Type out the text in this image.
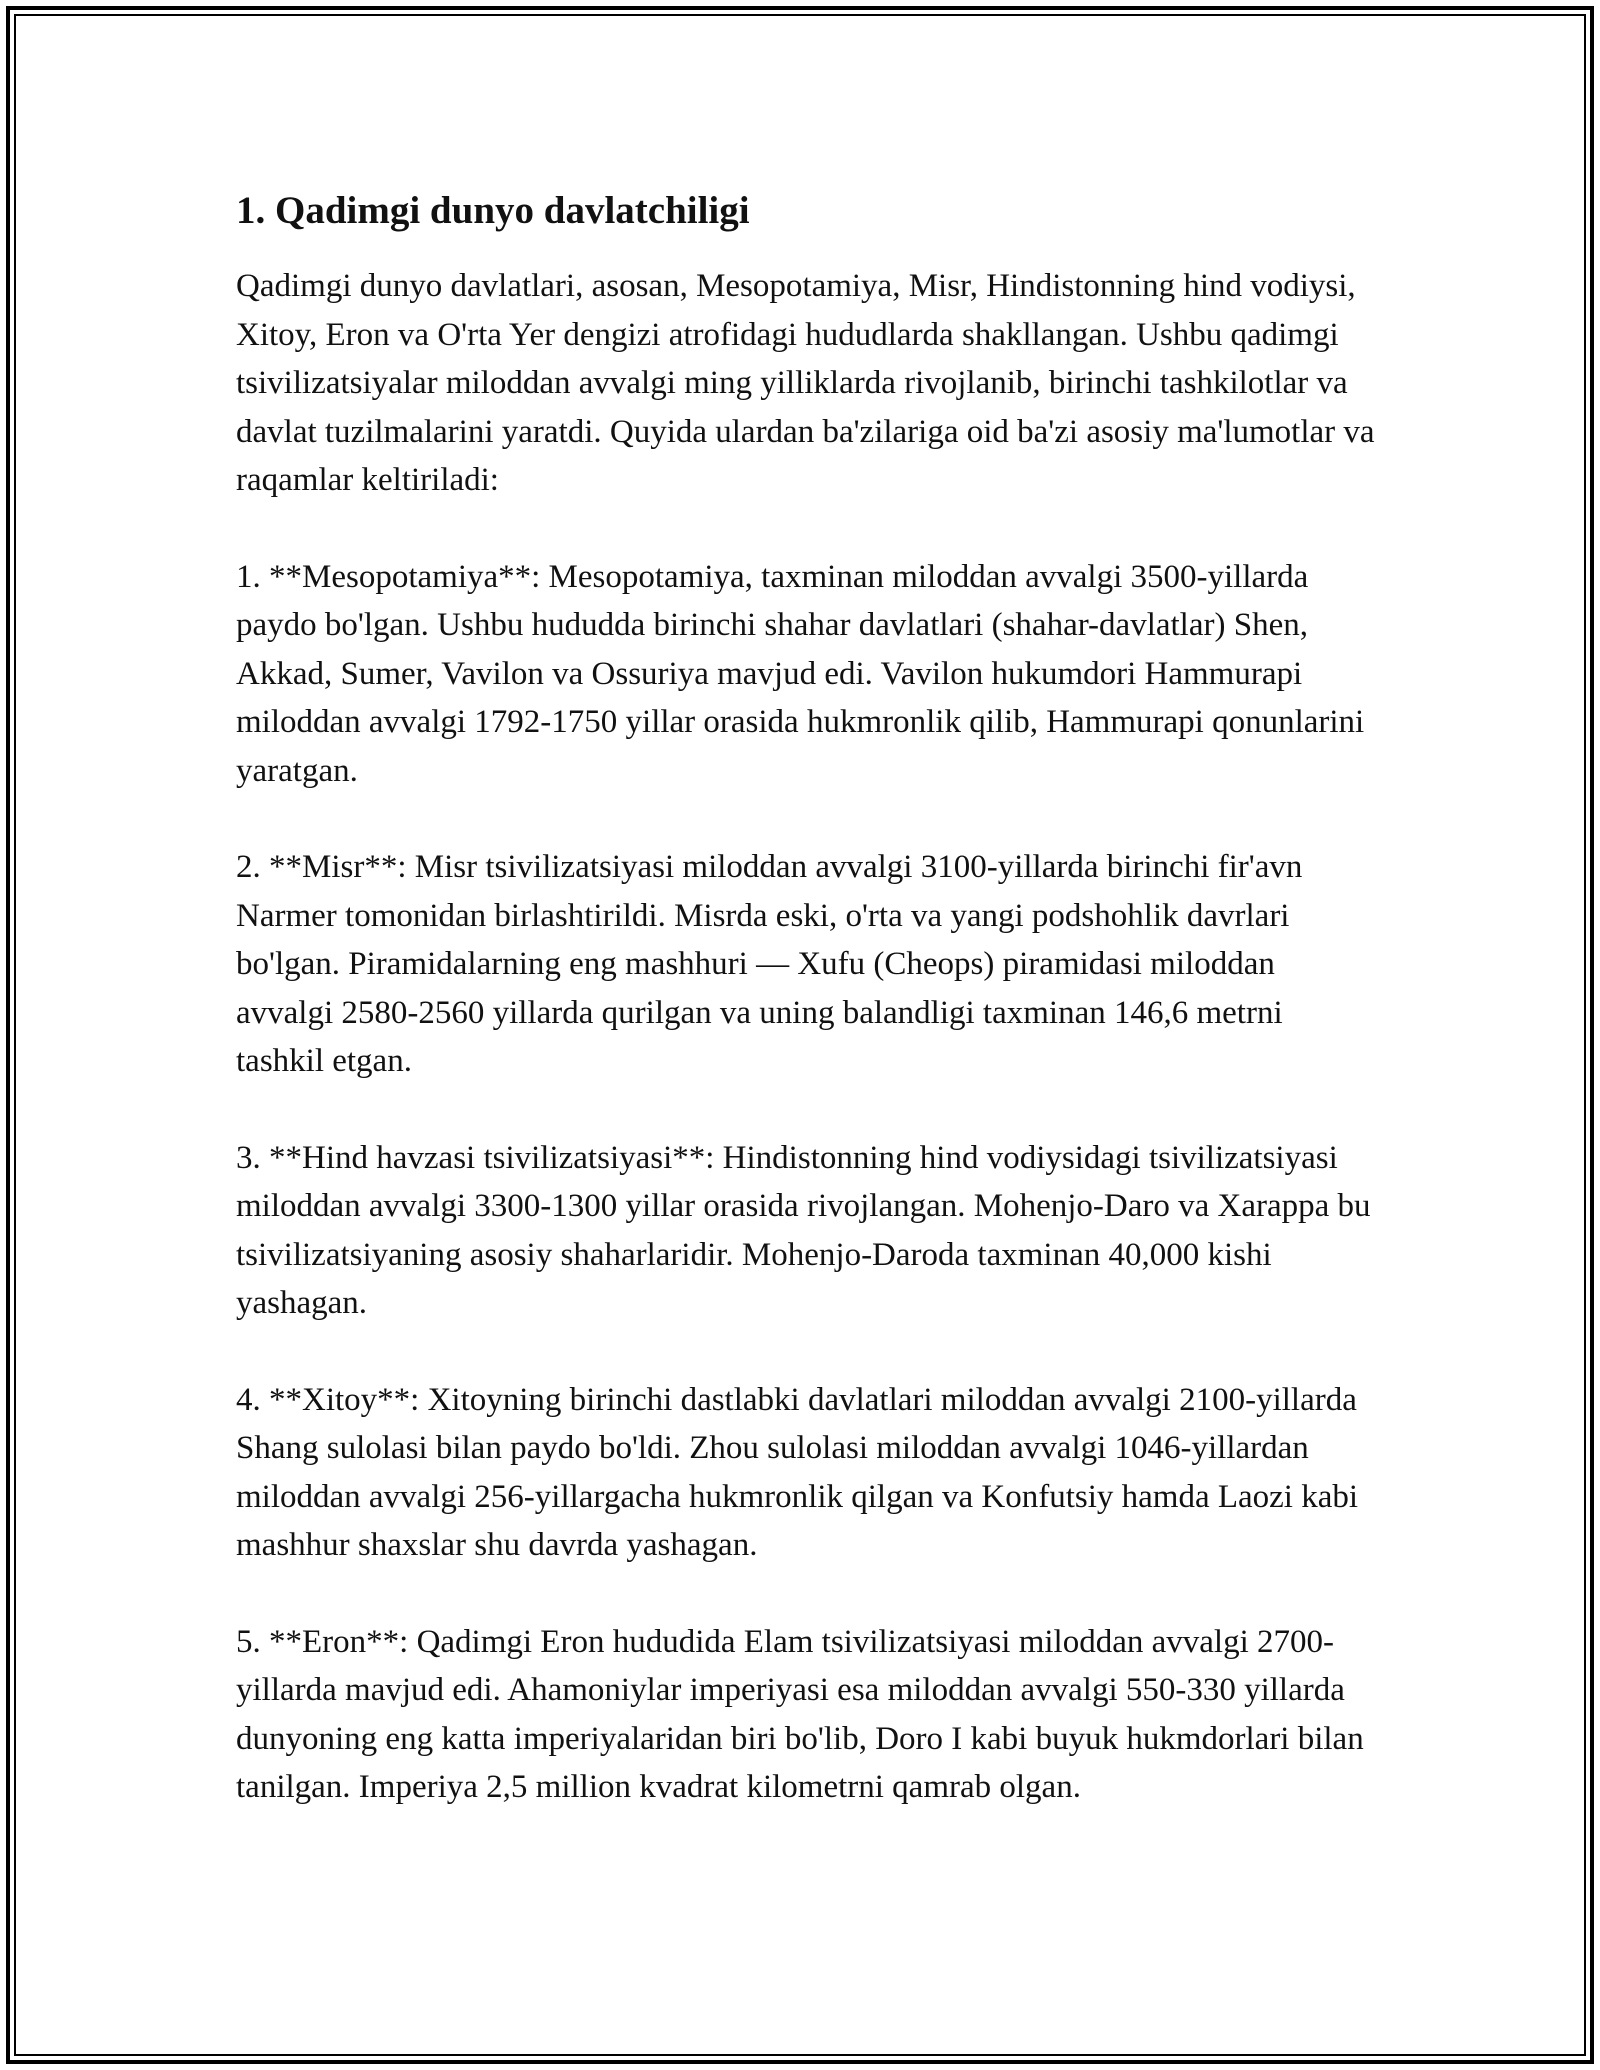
1. Qadimgi dunyo davlatchiligi

Qadimgi dunyo davlatlari, asosan, Mesopotamiya, Misr, Hindistonning hind vodiysi, Xitoy, Eron va O'rta Yer dengizi atrofidagi hududlarda shakllangan. Ushbu qadimgi tsivilizatsiyalar miloddan avvalgi ming yilliklarda rivojlanib, birinchi tashkilotlar va davlat tuzilmalarini yaratdi. Quyida ulardan ba'zilariga oid ba'zi asosiy ma'lumotlar va raqamlar keltiriladi:

1. **Mesopotamiya**: Mesopotamiya, taxminan miloddan avvalgi 3500-yillarda paydo bo'lgan. Ushbu hududda birinchi shahar davlatlari (shahar-davlatlar) Shen, Akkad, Sumer, Vavilon va Ossuriya mavjud edi. Vavilon hukumdori Hammurapi miloddan avvalgi 1792-1750 yillar orasida hukmronlik qilib, Hammurapi qonunlarini yaratgan.

2. **Misr**: Misr tsivilizatsiyasi miloddan avvalgi 3100-yillarda birinchi fir'avn Narmer tomonidan birlashtirildi. Misrda eski, o'rta va yangi podshohlik davrlari bo'lgan. Piramidalarning eng mashhuri — Xufu (Cheops) piramidasi miloddan avvalgi 2580-2560 yillarda qurilgan va uning balandligi taxminan 146,6 metrni tashkil etgan.

3. **Hind havzasi tsivilizatsiyasi**: Hindistonning hind vodiysidagi tsivilizatsiyasi miloddan avvalgi 3300-1300 yillar orasida rivojlangan. Mohenjo-Daro va Xarappa bu tsivilizatsiyaning asosiy shaharlaridir. Mohenjo-Daroda taxminan 40,000 kishi yashagan.

4. **Xitoy**: Xitoyning birinchi dastlabki davlatlari miloddan avvalgi 2100-yillarda Shang sulolasi bilan paydo bo'ldi. Zhou sulolasi miloddan avvalgi 1046-yillardan miloddan avvalgi 256-yillargacha hukmronlik qilgan va Konfutsiy hamda Laozi kabi mashhur shaxslar shu davrda yashagan.

5. **Eron**: Qadimgi Eron hududida Elam tsivilizatsiyasi miloddan avvalgi 2700-yillarda mavjud edi. Ahamoniylar imperiyasi esa miloddan avvalgi 550-330 yillarda dunyoning eng katta imperiyalaridan biri bo'lib, Doro I kabi buyuk hukmdorlari bilan tanilgan. Imperiya 2,5 million kvadrat kilometrni qamrab olgan.
